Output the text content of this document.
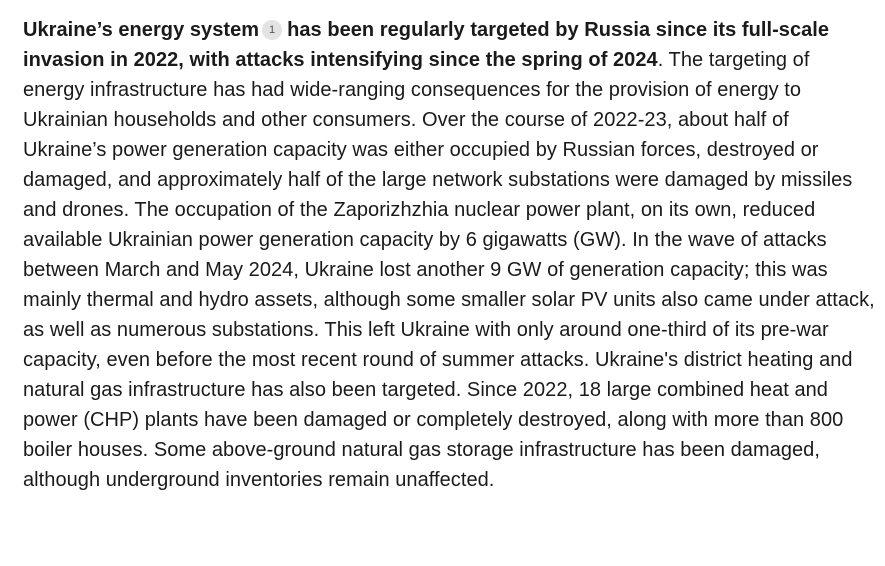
Ukraine’s energy system 1 has been regularly targeted by Russia since its full-scale invasion in 2022, with attacks intensifying since the spring of 2024. The targeting of energy infrastructure has had wide-ranging consequences for the provision of energy to Ukrainian households and other consumers. Over the course of 2022-23, about half of Ukraine’s power generation capacity was either occupied by Russian forces, destroyed or damaged, and approximately half of the large network substations were damaged by missiles and drones. The occupation of the Zaporizhzhia nuclear power plant, on its own, reduced available Ukrainian power generation capacity by 6 gigawatts (GW). In the wave of attacks between March and May 2024, Ukraine lost another 9 GW of generation capacity; this was mainly thermal and hydro assets, although some smaller solar PV units also came under attack, as well as numerous substations. This left Ukraine with only around one-third of its pre-war capacity, even before the most recent round of summer attacks. Ukraine's district heating and natural gas infrastructure has also been targeted. Since 2022, 18 large combined heat and power (CHP) plants have been damaged or completely destroyed, along with more than 800 boiler houses. Some above-ground natural gas storage infrastructure has been damaged, although underground inventories remain unaffected.
